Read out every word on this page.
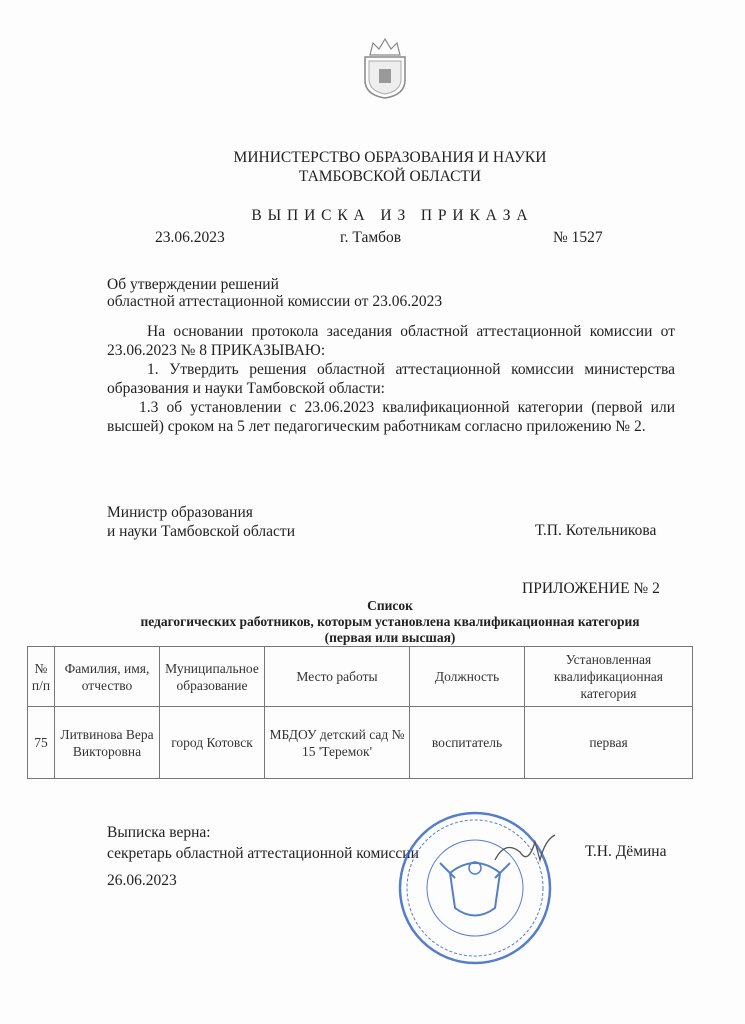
МИНИСТЕРСТВО ОБРАЗОВАНИЯ И НАУКИ
ТАМБОВСКОЙ ОБЛАСТИ
В Ы П И С К А   И З   П Р И К А З А
23.06.2023	г. Тамбов	№ 1527
Об утверждении решений
областной аттестационной комиссии от 23.06.2023
На основании протокола заседания областной аттестационной комиссии от 23.06.2023 № 8 ПРИКАЗЫВАЮ:
1. Утвердить решения областной аттестационной комиссии министерства образования и науки Тамбовской области:
1.3 об установлении с 23.06.2023 квалификационной категории (первой или высшей) сроком на 5 лет педагогическим работникам согласно приложению № 2.
Министр образования
и науки Тамбовской области	Т.П. Котельникова
ПРИЛОЖЕНИЕ № 2
Список
педагогических работников, которым установлена квалификационная категория
(первая или высшая)
№ п/п	Фамилия, имя, отчество	Муниципальное образование	Место работы	Должность	Установленная квалификационная категория
75	Литвинова Вера Викторовна	город Котовск	МБДОУ детский сад № 15 'Теремок'	воспитатель	первая
Выписка верна:
секретарь областной аттестационной комиссии
26.06.2023
Т.Н. Дёмина
